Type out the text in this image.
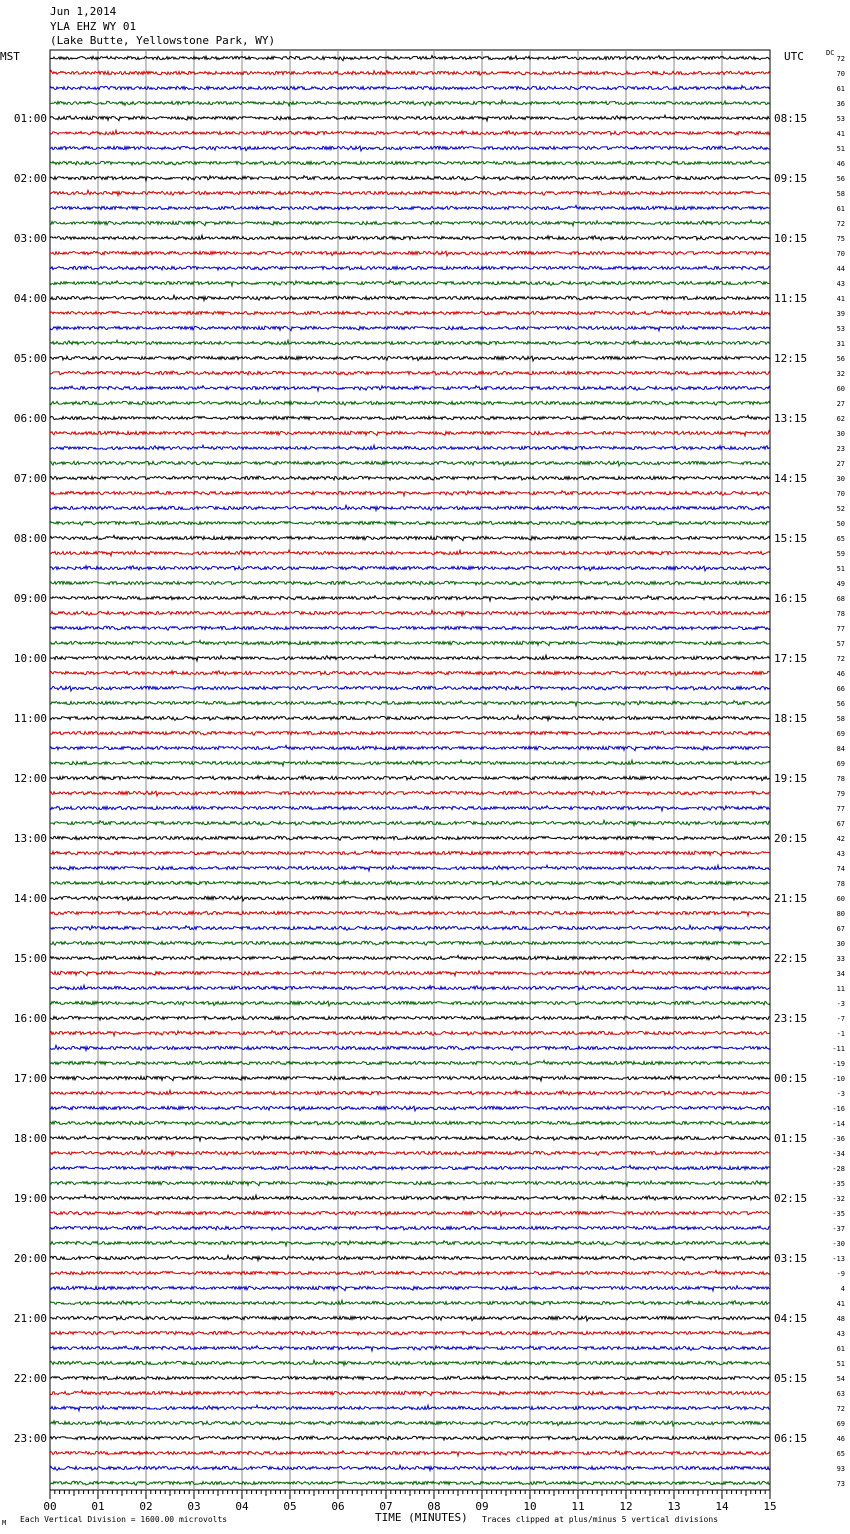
Jun 1,2014
YLA EHZ WY 01
(Lake Butte, Yellowstone Park, WY)
MST	UTC
01:00
02:00
03:00
04:00
05:00
06:00
07:00
08:00
09:00
10:00
11:00
12:00
13:00
14:00
15:00
16:00
17:00
18:00
19:00
20:00
21:00
22:00
23:00
08:15
09:15
10:15
11:15
12:15
13:15
14:15
15:15
16:15
17:15
18:15
19:15
20:15
21:15
22:15
23:15
00:15
01:15
02:15
03:15
04:15
05:15
06:15
DC
72
70
61
36
53
41
51
46
56
58
61
72
75
70
44
43
41
39
53
31
56
32
60
27
62
30
23
27
30
70
52
50
65
59
51
49
68
78
77
57
72
46
66
56
58
69
84
69
78
79
77
67
42
43
74
78
60
80
67
30
33
34
11
-3
-7
-1
-11
-19
-10
-3
-16
-14
-36
-34
-28
-35
-32
-35
-37
-30
-13
-9
4
41
48
43
61
51
54
63
72
69
46
65
93
73
00	01	02	03	04	05	06	07	08	09	10	11	12	13	14	15
M Each Vertical Division = 1600.00 microvolts	TIME (MINUTES) Traces clipped at plus/minus 5 vertical divisions
